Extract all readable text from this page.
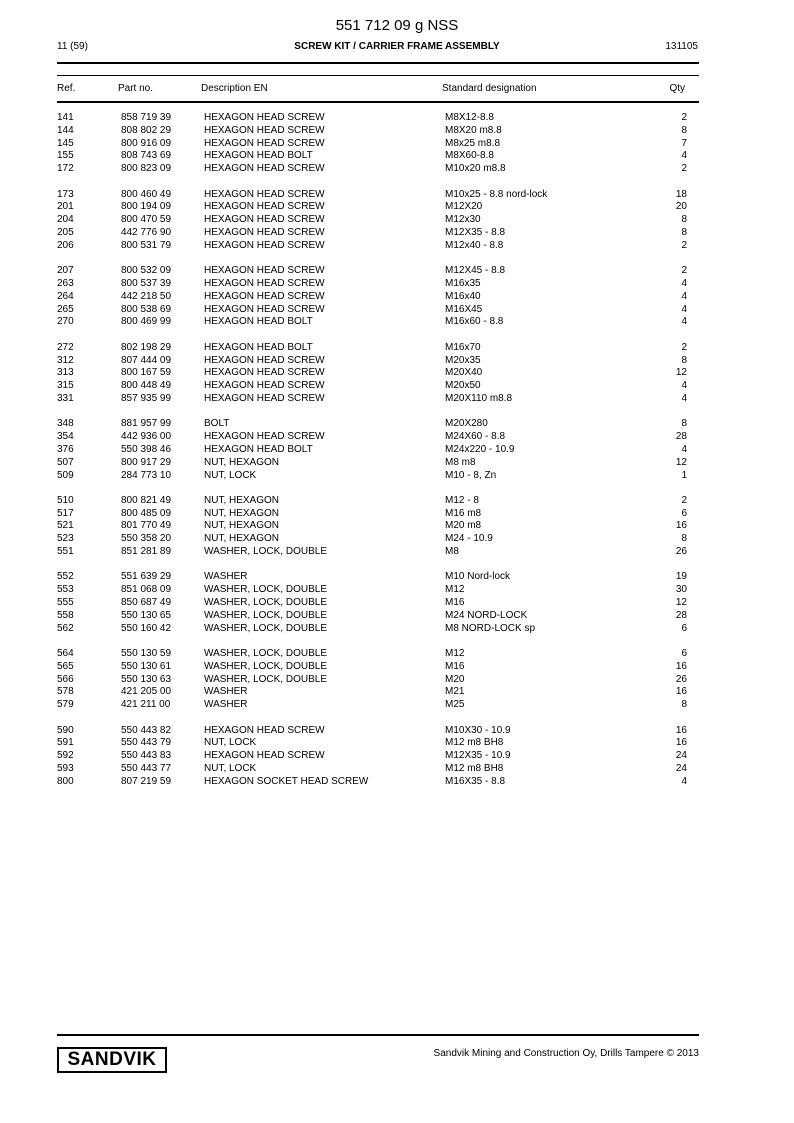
551 712 09 g NSS
11 (59)	SCREW KIT / CARRIER FRAME ASSEMBLY	131105
Ref.	Part no.	Description EN	Standard designation	Qty
141	858 719 39	HEXAGON HEAD SCREW	M8X12-8.8	2
144	808 802 29	HEXAGON HEAD SCREW	M8X20 m8.8	8
145	800 916 09	HEXAGON HEAD SCREW	M8x25 m8.8	7
155	808 743 69	HEXAGON HEAD BOLT	M8X60-8.8	4
172	800 823 09	HEXAGON HEAD SCREW	M10x20 m8.8	2
173	800 460 49	HEXAGON HEAD SCREW	M10x25 - 8.8 nord-lock	18
201	800 194 09	HEXAGON HEAD SCREW	M12X20	20
204	800 470 59	HEXAGON HEAD SCREW	M12x30	8
205	442 776 90	HEXAGON HEAD SCREW	M12X35 - 8.8	8
206	800 531 79	HEXAGON HEAD SCREW	M12x40 - 8.8	2
207	800 532 09	HEXAGON HEAD SCREW	M12X45 - 8.8	2
263	800 537 39	HEXAGON HEAD SCREW	M16x35	4
264	442 218 50	HEXAGON HEAD SCREW	M16x40	4
265	800 538 69	HEXAGON HEAD SCREW	M16X45	4
270	800 469 99	HEXAGON HEAD BOLT	M16x60 - 8.8	4
272	802 198 29	HEXAGON HEAD BOLT	M16x70	2
312	807 444 09	HEXAGON HEAD SCREW	M20x35	8
313	800 167 59	HEXAGON HEAD SCREW	M20X40	12
315	800 448 49	HEXAGON HEAD SCREW	M20x50	4
331	857 935 99	HEXAGON HEAD SCREW	M20X110 m8.8	4
348	881 957 99	BOLT	M20X280	8
354	442 936 00	HEXAGON HEAD SCREW	M24X60 - 8.8	28
376	550 398 46	HEXAGON HEAD BOLT	M24x220 - 10.9	4
507	800 917 29	NUT, HEXAGON	M8 m8	12
509	284 773 10	NUT, LOCK	M10 - 8, Zn	1
510	800 821 49	NUT, HEXAGON	M12 - 8	2
517	800 485 09	NUT, HEXAGON	M16 m8	6
521	801 770 49	NUT, HEXAGON	M20 m8	16
523	550 358 20	NUT, HEXAGON	M24 - 10.9	8
551	851 281 89	WASHER, LOCK, DOUBLE	M8	26
552	551 639 29	WASHER	M10 Nord-lock	19
553	851 068 09	WASHER, LOCK, DOUBLE	M12	30
555	850 687 49	WASHER, LOCK, DOUBLE	M16	12
558	550 130 65	WASHER, LOCK, DOUBLE	M24 NORD-LOCK	28
562	550 160 42	WASHER, LOCK, DOUBLE	M8 NORD-LOCK sp	6
564	550 130 59	WASHER, LOCK, DOUBLE	M12	6
565	550 130 61	WASHER, LOCK, DOUBLE	M16	16
566	550 130 63	WASHER, LOCK, DOUBLE	M20	26
578	421 205 00	WASHER	M21	16
579	421 211 00	WASHER	M25	8
590	550 443 82	HEXAGON HEAD SCREW	M10X30 - 10.9	16
591	550 443 79	NUT, LOCK	M12 m8 BH8	16
592	550 443 83	HEXAGON HEAD SCREW	M12X35 - 10.9	24
593	550 443 77	NUT, LOCK	M12 m8 BH8	24
800	807 219 59	HEXAGON SOCKET HEAD SCREW	M16X35 - 8.8	4
SANDVIK	Sandvik Mining and Construction Oy, Drills Tampere © 2013
